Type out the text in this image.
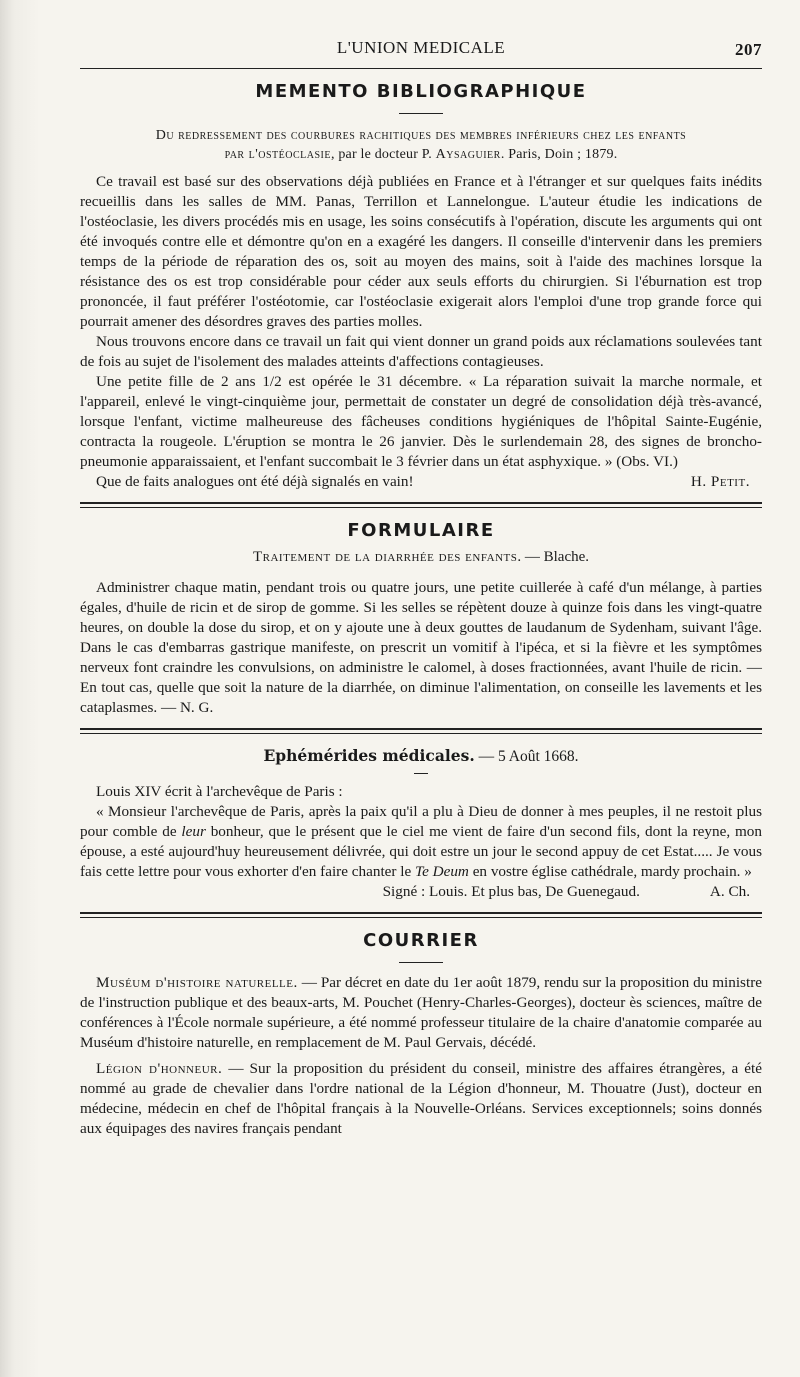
L'UNION MEDICALE	207
MEMENTO BIBLIOGRAPHIQUE
Du redressement des courbures rachitiques des membres inférieurs chez les enfants
par l'ostéoclasie, par le docteur P. Aysaguier. Paris, Doin ; 1879.

Ce travail est basé sur des observations déjà publiées en France et à l'étranger et sur quelques faits inédits recueillis dans les salles de MM. Panas, Terrillon et Lannelongue. L'auteur étudie les indications de l'ostéoclasie, les divers procédés mis en usage, les soins consécutifs à l'opération, discute les arguments qui ont été invoqués contre elle et démontre qu'on en a exagéré les dangers. Il conseille d'intervenir dans les premiers temps de la période de réparation des os, soit au moyen des mains, soit à l'aide des machines lorsque la résistance des os est trop considérable pour céder aux seuls efforts du chirurgien. Si l'éburnation est trop prononcée, il faut préférer l'ostéotomie, car l'ostéoclasie exigerait alors l'emploi d'une trop grande force qui pourrait amener des désordres graves des parties molles.

Nous trouvons encore dans ce travail un fait qui vient donner un grand poids aux réclamations soulevées tant de fois au sujet de l'isolement des malades atteints d'affections contagieuses.

Une petite fille de 2 ans 1/2 est opérée le 31 décembre. « La réparation suivait la marche normale, et l'appareil, enlevé le vingt-cinquième jour, permettait de constater un degré de consolidation déjà très-avancé, lorsque l'enfant, victime malheureuse des fâcheuses conditions hygiéniques de l'hôpital Sainte-Eugénie, contracta la rougeole. L'éruption se montra le 26 janvier. Dès le surlendemain 28, des signes de broncho-pneumonie apparaissaient, et l'enfant succombait le 3 février dans un état asphyxique. » (Obs. VI.)

Que de faits analogues ont été déjà signalés en vain!	H. Petit.
FORMULAIRE
Traitement de la diarrhée des enfants. — Blache.

Administrer chaque matin, pendant trois ou quatre jours, une petite cuillerée à café d'un mélange, à parties égales, d'huile de ricin et de sirop de gomme. Si les selles se répètent douze à quinze fois dans les vingt-quatre heures, on double la dose du sirop, et on y ajoute une à deux gouttes de laudanum de Sydenham, suivant l'âge. Dans le cas d'embarras gastrique manifeste, on prescrit un vomitif à l'ipéca, et si la fièvre et les symptômes nerveux font craindre les convulsions, on administre le calomel, à doses fractionnées, avant l'huile de ricin. — En tout cas, quelle que soit la nature de la diarrhée, on diminue l'alimentation, on conseille les lavements et les cataplasmes. — N. G.

Ephémérides médicales. — 5 Août 1668.

Louis XIV écrit à l'archevêque de Paris :

« Monsieur l'archevêque de Paris, après la paix qu'il a plu à Dieu de donner à mes peuples, il ne restoit plus pour comble de leur bonheur, que le présent que le ciel me vient de faire d'un second fils, dont la reyne, mon épouse, a esté aujourd'huy heureusement délivrée, qui doit estre un jour le second appuy de cet Estat..... Je vous fais cette lettre pour vous exhorter d'en faire chanter le Te Deum en vostre église cathédrale, mardy prochain. »

Signé : Louis. Et plus bas, De Guenegaud.	A. Ch.
COURRIER

Muséum d'histoire naturelle. — Par décret en date du 1er août 1879, rendu sur la proposition du ministre de l'instruction publique et des beaux-arts, M. Pouchet (Henry-Charles-Georges), docteur ès sciences, maître de conférences à l'École normale supérieure, a été nommé professeur titulaire de la chaire d'anatomie comparée au Muséum d'histoire naturelle, en remplacement de M. Paul Gervais, décédé.

Légion d'honneur. — Sur la proposition du président du conseil, ministre des affaires étrangères, a été nommé au grade de chevalier dans l'ordre national de la Légion d'honneur, M. Thouatre (Just), docteur en médecine, médecin en chef de l'hôpital français à la Nouvelle-Orléans. Services exceptionnels; soins donnés aux équipages des navires français pendant
